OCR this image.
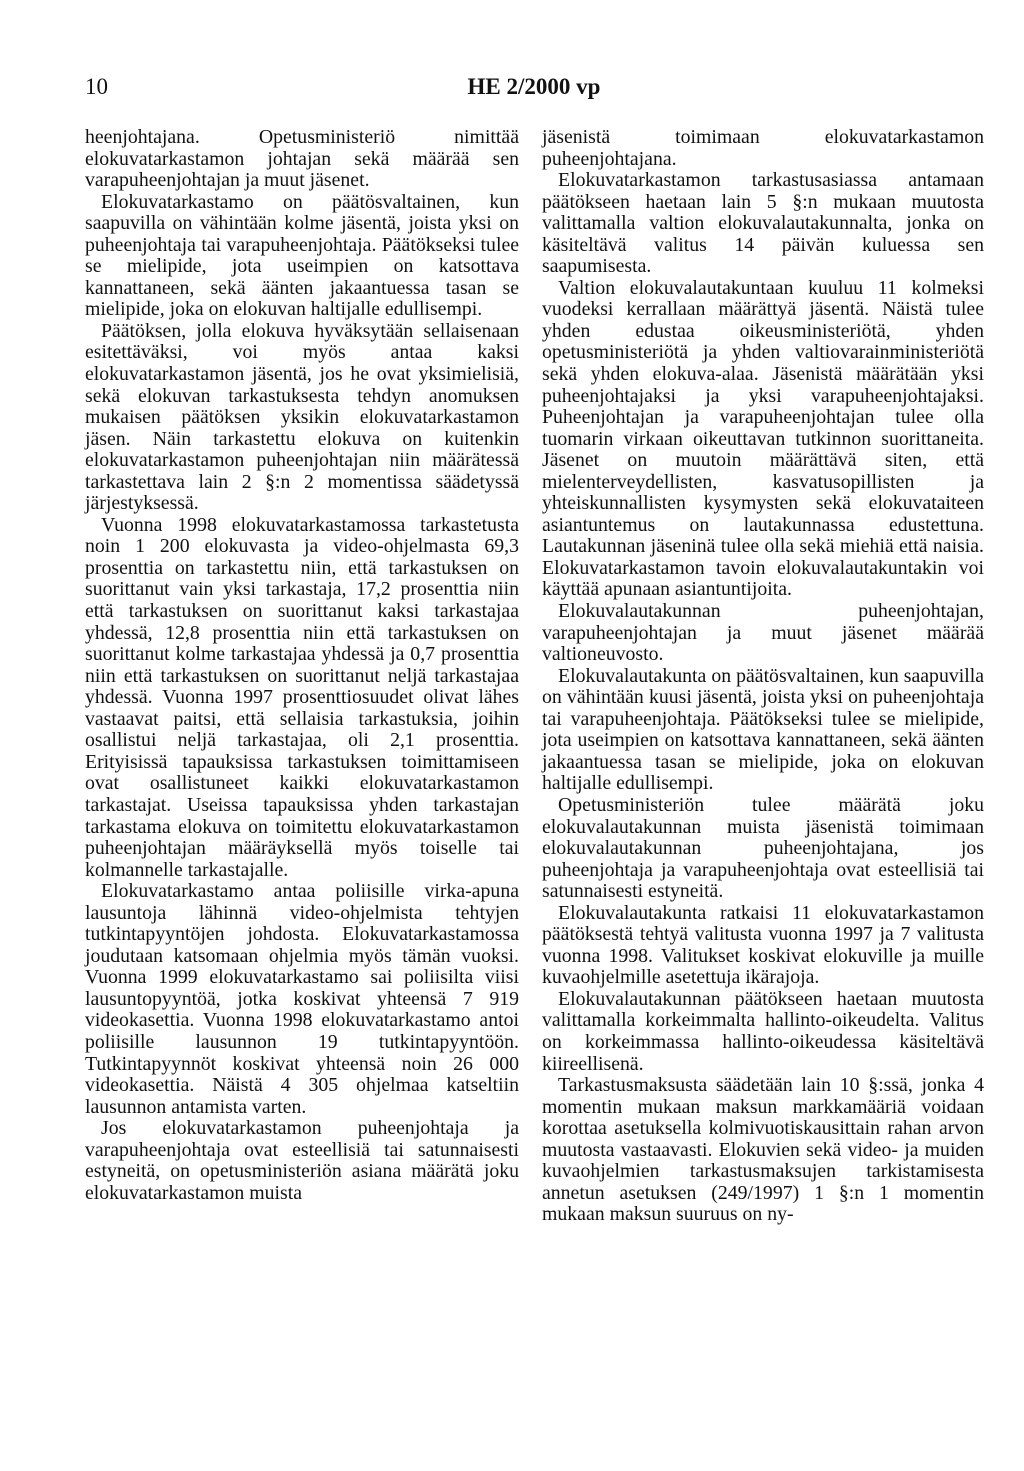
10	HE 2/2000 vp

heenjohtajana. Opetusministeriö nimittää elokuvatarkastamon johtajan sekä määrää sen varapuheenjohtajan ja muut jäsenet.

Elokuvatarkastamo on päätösvaltainen, kun saapuvilla on vähintään kolme jäsentä, joista yksi on puheenjohtaja tai varapuheenjohtaja. Päätökseksi tulee se mielipide, jota useimpien on katsottava kannattaneen, sekä äänten jakaantuessa tasan se mielipide, joka on elokuvan haltijalle edullisempi.

Päätöksen, jolla elokuva hyväksytään sellaisenaan esitettäväksi, voi myös antaa kaksi elokuvatarkastamon jäsentä, jos he ovat yksimielisiä, sekä elokuvan tarkastuksesta tehdyn anomuksen mukaisen päätöksen yksikin elokuvatarkastamon jäsen. Näin tarkastettu elokuva on kuitenkin elokuvatarkastamon puheenjohtajan niin määrätessä tarkastettava lain 2 §:n 2 momentissa säädetyssä järjestyksessä.

Vuonna 1998 elokuvatarkastamossa tarkastetusta noin 1 200 elokuvasta ja video-ohjelmasta 69,3 prosenttia on tarkastettu niin, että tarkastuksen on suorittanut vain yksi tarkastaja, 17,2 prosenttia niin että tarkastuksen on suorittanut kaksi tarkastajaa yhdessä, 12,8 prosenttia niin että tarkastuksen on suorittanut kolme tarkastajaa yhdessä ja 0,7 prosenttia niin että tarkastuksen on suorittanut neljä tarkastajaa yhdessä. Vuonna 1997 prosenttiosuudet olivat lähes vastaavat paitsi, että sellaisia tarkastuksia, joihin osallistui neljä tarkastajaa, oli 2,1 prosenttia. Erityisissä tapauksissa tarkastuksen toimittamiseen ovat osallistuneet kaikki elokuvatarkastamon tarkastajat. Useissa tapauksissa yhden tarkastajan tarkastama elokuva on toimitettu elokuvatarkastamon puheenjohtajan määräyksellä myös toiselle tai kolmannelle tarkastajalle.

Elokuvatarkastamo antaa poliisille virka-apuna lausuntoja lähinnä video-ohjelmista tehtyjen tutkintapyyntöjen johdosta. Elokuvatarkastamossa joudutaan katsomaan ohjelmia myös tämän vuoksi. Vuonna 1999 elokuvatarkastamo sai poliisilta viisi lausuntopyyntöä, jotka koskivat yhteensä 7 919 videokasettia. Vuonna 1998 elokuvatarkastamo antoi poliisille lausunnon 19 tutkintapyyntöön. Tutkintapyynnöt koskivat yhteensä noin 26 000 videokasettia. Näistä 4 305 ohjelmaa katseltiin lausunnon antamista varten.

Jos elokuvatarkastamon puheenjohtaja ja varapuheenjohtaja ovat esteellisiä tai satunnaisesti estyneitä, on opetusministeriön asiana määrätä joku elokuvatarkastamon muista

jäsenistä toimimaan elokuvatarkastamon puheenjohtajana.

Elokuvatarkastamon tarkastusasiassa antamaan päätökseen haetaan lain 5 §:n mukaan muutosta valittamalla valtion elokuvalautakunnalta, jonka on käsiteltävä valitus 14 päivän kuluessa sen saapumisesta.

Valtion elokuvalautakuntaan kuuluu 11 kolmeksi vuodeksi kerrallaan määrättyä jäsentä. Näistä tulee yhden edustaa oikeusministeriötä, yhden opetusministeriötä ja yhden valtiovarainministeriötä sekä yhden elokuva-alaa. Jäsenistä määrätään yksi puheenjohtajaksi ja yksi varapuheenjohtajaksi. Puheenjohtajan ja varapuheenjohtajan tulee olla tuomarin virkaan oikeuttavan tutkinnon suorittaneita. Jäsenet on muutoin määrättävä siten, että mielenterveydellisten, kasvatusopillisten ja yhteiskunnallisten kysymysten sekä elokuvataiteen asiantuntemus on lautakunnassa edustettuna. Lautakunnan jäseninä tulee olla sekä miehiä että naisia. Elokuvatarkastamon tavoin elokuvalautakuntakin voi käyttää apunaan asiantuntijoita.

Elokuvalautakunnan puheenjohtajan, varapuheenjohtajan ja muut jäsenet määrää valtioneuvosto.

Elokuvalautakunta on päätösvaltainen, kun saapuvilla on vähintään kuusi jäsentä, joista yksi on puheenjohtaja tai varapuheenjohtaja. Päätökseksi tulee se mielipide, jota useimpien on katsottava kannattaneen, sekä äänten jakaantuessa tasan se mielipide, joka on elokuvan haltijalle edullisempi.

Opetusministeriön tulee määrätä joku elokuvalautakunnan muista jäsenistä toimimaan elokuvalautakunnan puheenjohtajana, jos puheenjohtaja ja varapuheenjohtaja ovat esteellisiä tai satunnaisesti estyneitä.

Elokuvalautakunta ratkaisi 11 elokuvatarkastamon päätöksestä tehtyä valitusta vuonna 1997 ja 7 valitusta vuonna 1998. Valitukset koskivat elokuville ja muille kuvaohjelmille asetettuja ikärajoja.

Elokuvalautakunnan päätökseen haetaan muutosta valittamalla korkeimmalta hallinto-oikeudelta. Valitus on korkeimmassa hallinto-oikeudessa käsiteltävä kiireellisenä.

Tarkastusmaksusta säädetään lain 10 §:ssä, jonka 4 momentin mukaan maksun markkamääriä voidaan korottaa asetuksella kolmivuotiskausittain rahan arvon muutosta vastaavasti. Elokuvien sekä video- ja muiden kuvaohjelmien tarkastusmaksujen tarkistamisesta annetun asetuksen (249/1997) 1 §:n 1 momentin mukaan maksun suuruus on ny-
